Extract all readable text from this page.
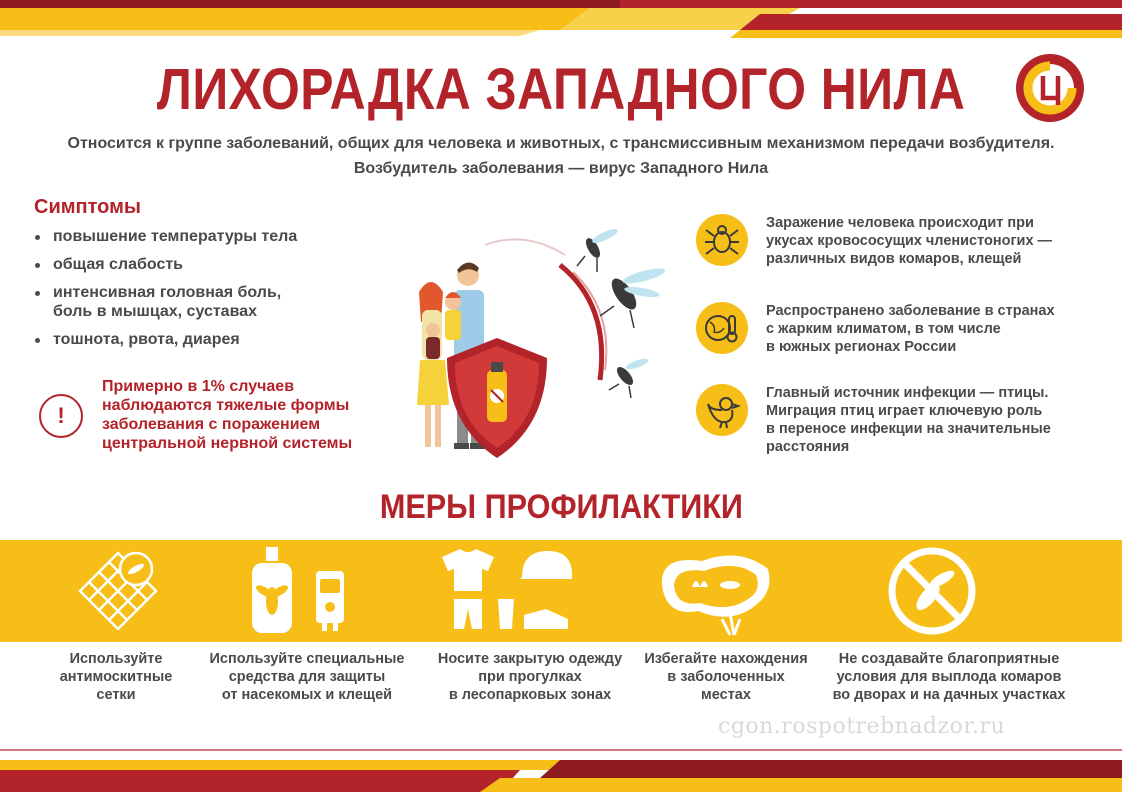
ЛИХОРАДКА ЗАПАДНОГО НИЛА
Относится к группе заболеваний, общих для человека и животных, с трансмиссивным механизмом передачи возбудителя.
Возбудитель заболевания — вирус Западного Нила
Симптомы
повышение температуры тела
общая слабость
интенсивная головная боль,
боль в мышцах, суставах
тошнота, рвота, диарея
!
Примерно в 1% случаев
наблюдаются тяжелые формы
заболевания с поражением
центральной нервной системы
Заражение человека происходит при
укусах кровососущих членистоногих —
различных видов комаров, клещей
Распространено заболевание в странах
с жарким климатом, в том числе
в южных регионах России
Главный источник инфекции — птицы.
Миграция птиц играет ключевую роль
в переносе инфекции на значительные
расстояния
МЕРЫ ПРОФИЛАКТИКИ
Используйте
антимоскитные
сетки
Используйте специальные
средства для защиты
от насекомых и клещей
Носите закрытую одежду
при прогулках
в лесопарковых зонах
Избегайте нахождения
в заболоченных
местах
Не создавайте благоприятные
условия для выплода комаров
во дворах и на дачных участках
cgon.rospotrebnadzor.ru
